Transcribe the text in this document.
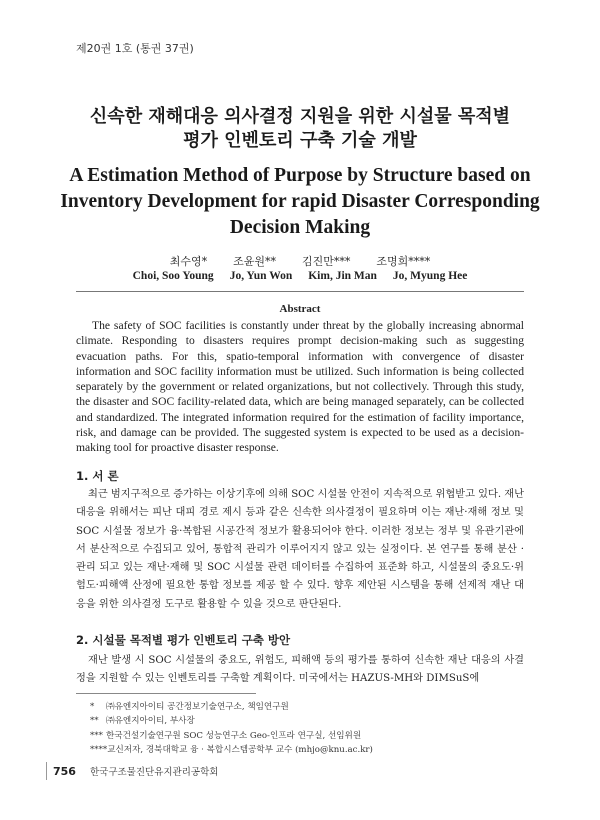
제20권 1호 (통권 37권)
신속한 재해대응 의사결정 지원을 위한 시설물 목적별
평가 인벤토리 구축 기술 개발
A Estimation Method of Purpose by Structure based on
Inventory Development for rapid Disaster Corresponding
Decision Making
최수영* 조윤원** 김진만*** 조명희****
Choi, Soo Young Jo, Yun Won Kim, Jin Man Jo, Myung Hee
Abstract

The safety of SOC facilities is constantly under threat by the globally increasing abnormal climate. Responding to disasters requires prompt decision-making such as suggesting evacuation paths. For this, spatio-temporal information with convergence of disaster information and SOC facility information must be utilized. Such information is being collected separately by the government or related organizations, but not collectively. Through this study, the disaster and SOC facility-related data, which are being managed separately, can be collected and standardized. The integrated information required for the estimation of facility importance, risk, and damage can be provided. The suggested system is expected to be used as a decision-making tool for proactive disaster response.

1. 서 론

최근 범지구적으로 증가하는 이상기후에 의해 SOC 시설물 안전이 지속적으로 위협받고 있다. 재난대응을 위해서는 피난 대피 경로 제시 등과 같은 신속한 의사결정이 필요하며 이는 재난·재해 정보 및 SOC 시설물 정보가 융·복합된 시공간적 정보가 활용되어야 한다. 이러한 정보는 정부 및 유관기관에서 분산적으로 수집되고 있어, 통합적 관리가 이루어지지 않고 있는 실정이다. 본 연구를 통해 분산 · 관리 되고 있는 재난·재해 및 SOC 시설물 관련 데이터를 수집하여 표준화 하고, 시설물의 중요도·위험도·피해액 산정에 필요한 통합 정보를 제공 할 수 있다. 향후 제안된 시스템을 통해 선제적 재난 대응을 위한 의사결정 도구로 활용할 수 있을 것으로 판단된다.

2. 시설물 목적별 평가 인벤토리 구축 방안

재난 발생 시 SOC 시설물의 중요도, 위험도, 피해액 등의 평가를 통하여 신속한 재난 대응의 사결정을 지원할 수 있는 인벤토리를 구축할 계획이다. 미국에서는 HAZUS-MH와 DIMSuS에

* ㈜유엔지아이티 공간정보기술연구소, 책임연구원
** ㈜유엔지아이티, 부사장
*** 한국건설기술연구원 SOC 성능연구소 Geo-인프라 연구실, 선임위원
****교신저자, 경북대학교 융 · 복합시스템공학부 교수 (mhjo@knu.ac.kr)
756 한국구조물진단유지관리공학회
